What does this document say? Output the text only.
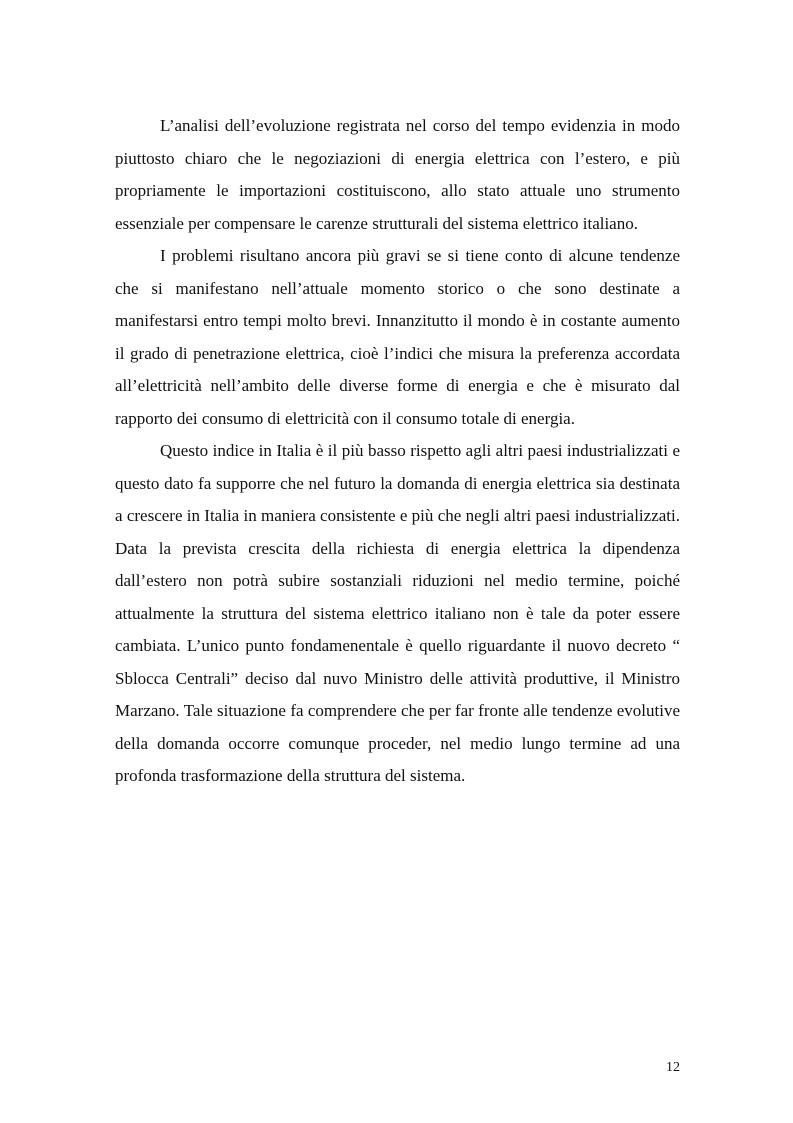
L’analisi dell’evoluzione registrata nel corso del tempo evidenzia in modo piuttosto chiaro che le negoziazioni di energia elettrica con l’estero, e più propriamente le importazioni costituiscono, allo stato attuale uno strumento essenziale per compensare le carenze strutturali del sistema elettrico italiano.

I problemi risultano ancora più gravi se si tiene conto di alcune tendenze che si manifestano nell’attuale momento storico o che sono destinate a manifestarsi entro tempi molto brevi. Innanzitutto il mondo è in costante aumento il grado di penetrazione elettrica, cioè l’indici che misura la preferenza accordata all’elettricità nell’ambito delle diverse forme di energia e che è misurato dal rapporto dei consumo di elettricità con il consumo totale di energia.

Questo indice in Italia è il più basso rispetto agli altri paesi industrializzati e questo dato fa supporre che nel futuro la domanda di energia elettrica sia destinata a crescere in Italia in maniera consistente e più che negli altri paesi industrializzati. Data la prevista crescita della richiesta di energia elettrica la dipendenza dall’estero non potrà subire sostanziali riduzioni nel medio termine, poiché attualmente la struttura del sistema elettrico italiano non è tale da poter essere cambiata. L’unico punto fondamenentale è quello riguardante il nuovo decreto “ Sblocca Centrali” deciso dal nuvo Ministro delle attività produttive, il Ministro Marzano. Tale situazione fa comprendere che per far fronte alle tendenze evolutive della domanda occorre comunque proceder, nel medio lungo termine ad una profonda trasformazione della struttura del sistema.

12
